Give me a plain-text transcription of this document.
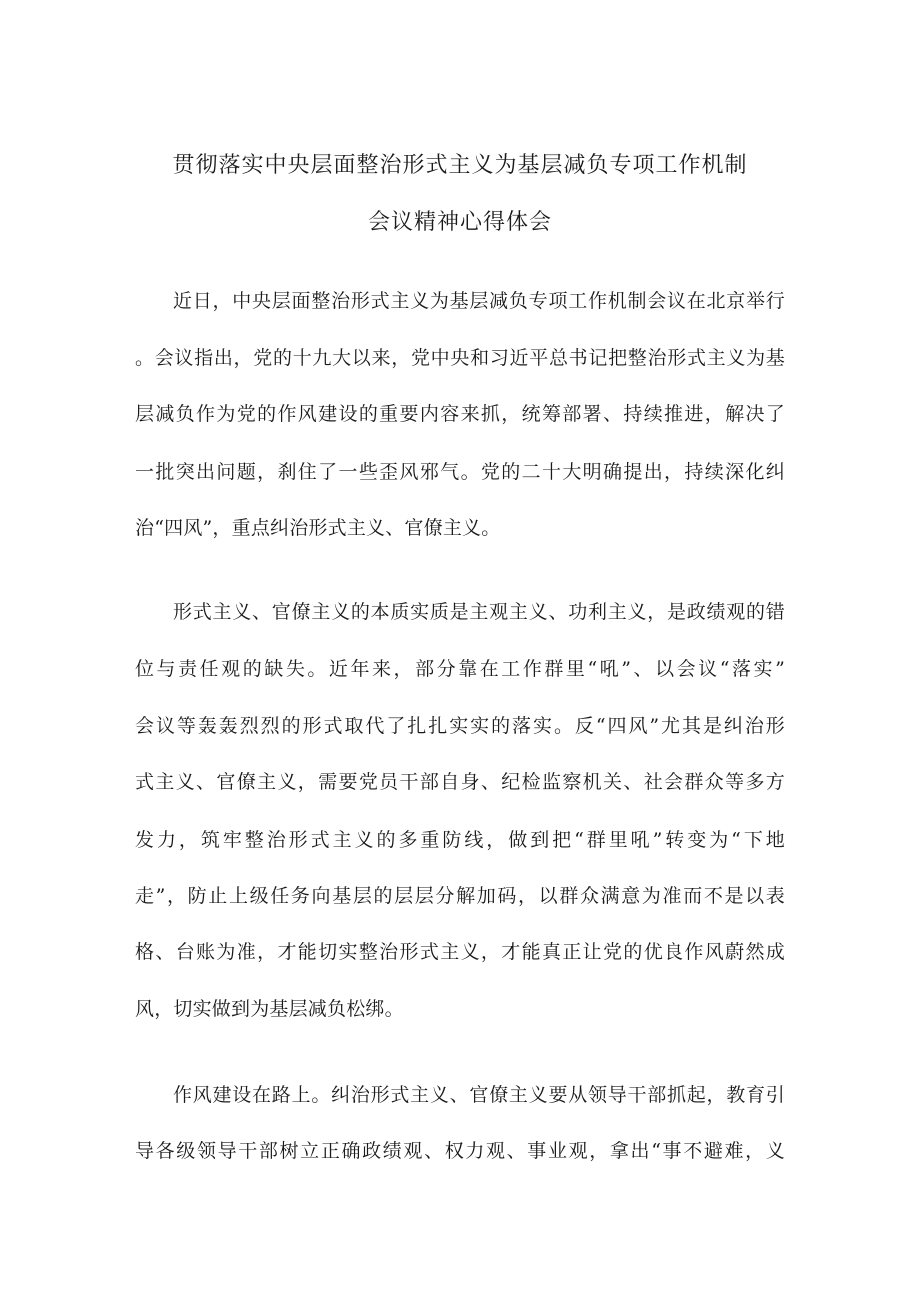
贯彻落实中央层面整治形式主义为基层减负专项工作机制
会议精神心得体会

近日，中央层面整治形式主义为基层减负专项工作机制会议在北京举行

。会议指出，党的十九大以来，党中央和习近平总书记把整治形式主义为基

层减负作为党的作风建设的重要内容来抓，统筹部署、持续推进，解决了

一批突出问题，刹住了一些歪风邪气。党的二十大明确提出，持续深化纠

治“四风”，重点纠治形式主义、官僚主义。

形式主义、官僚主义的本质实质是主观主义、功利主义，是政绩观的错

位与责任观的缺失。近年来，部分靠在工作群里“吼”、以会议“落实”

会议等轰轰烈烈的形式取代了扎扎实实的落实。反“四风”尤其是纠治形

式主义、官僚主义，需要党员干部自身、纪检监察机关、社会群众等多方

发力，筑牢整治形式主义的多重防线，做到把“群里吼”转变为“下地

走”，防止上级任务向基层的层层分解加码，以群众满意为准而不是以表

格、台账为准，才能切实整治形式主义，才能真正让党的优良作风蔚然成

风，切实做到为基层减负松绑。

作风建设在路上。纠治形式主义、官僚主义要从领导干部抓起，教育引

导各级领导干部树立正确政绩观、权力观、事业观，拿出“事不避难，义
